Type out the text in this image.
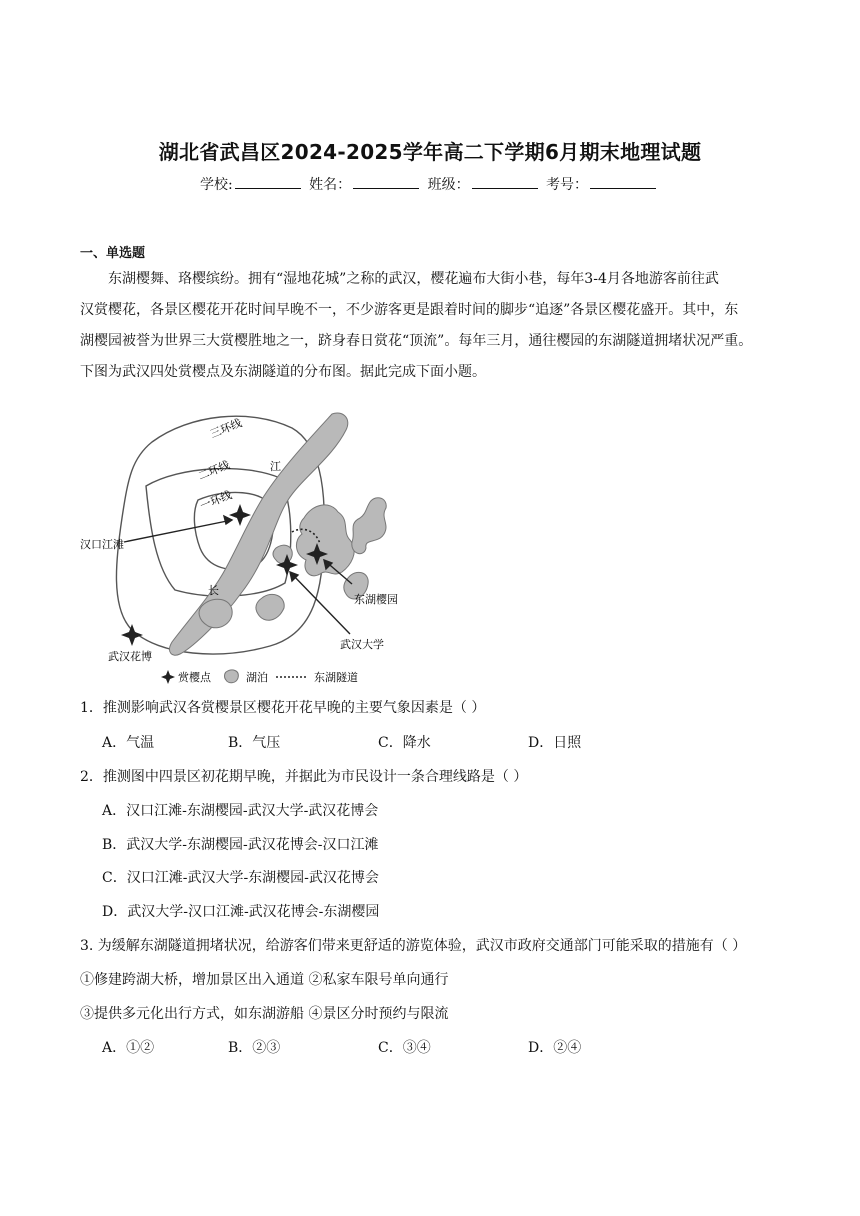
湖北省武昌区2024-2025学年高二下学期6月期末地理试题
学校:	姓名：	班级：	考号：
一、单选题

东湖樱舞、珞樱缤纷。拥有“湿地花城”之称的武汉，樱花遍布大街小巷，每年3-4月各地游客前往武

汉赏樱花，各景区樱花开花时间早晚不一，不少游客更是跟着时间的脚步“追逐”各景区樱花盛开。其中，东

湖樱园被誉为世界三大赏樱胜地之一，跻身春日赏花“顶流”。每年三月，通往樱园的东湖隧道拥堵状况严重。

下图为武汉四处赏樱点及东湖隧道的分布图。据此完成下面小题。

三环线
二环线
一环线
江
长
汉口江滩
东湖樱园
武汉大学
武汉花博
赏樱点	湖泊	东湖隧道
1．推测影响武汉各赏樱景区樱花开花早晚的主要气象因素是（ ）
A．气温	B．气压	C．降水	D．日照
2．推测图中四景区初花期早晚，并据此为市民设计一条合理线路是（ ）
A．汉口江滩-东湖樱园-武汉大学-武汉花博会
B．武汉大学-东湖樱园-武汉花博会-汉口江滩
C．汉口江滩-武汉大学-东湖樱园-武汉花博会
D．武汉大学-汉口江滩-武汉花博会-东湖樱园
3. 为缓解东湖隧道拥堵状况，给游客们带来更舒适的游览体验，武汉市政府交通部门可能采取的措施有（ ）
①修建跨湖大桥，增加景区出入通道 ②私家车限号单向通行
③提供多元化出行方式，如东湖游船 ④景区分时预约与限流
A．①②	B．②③	C．③④	D．②④
